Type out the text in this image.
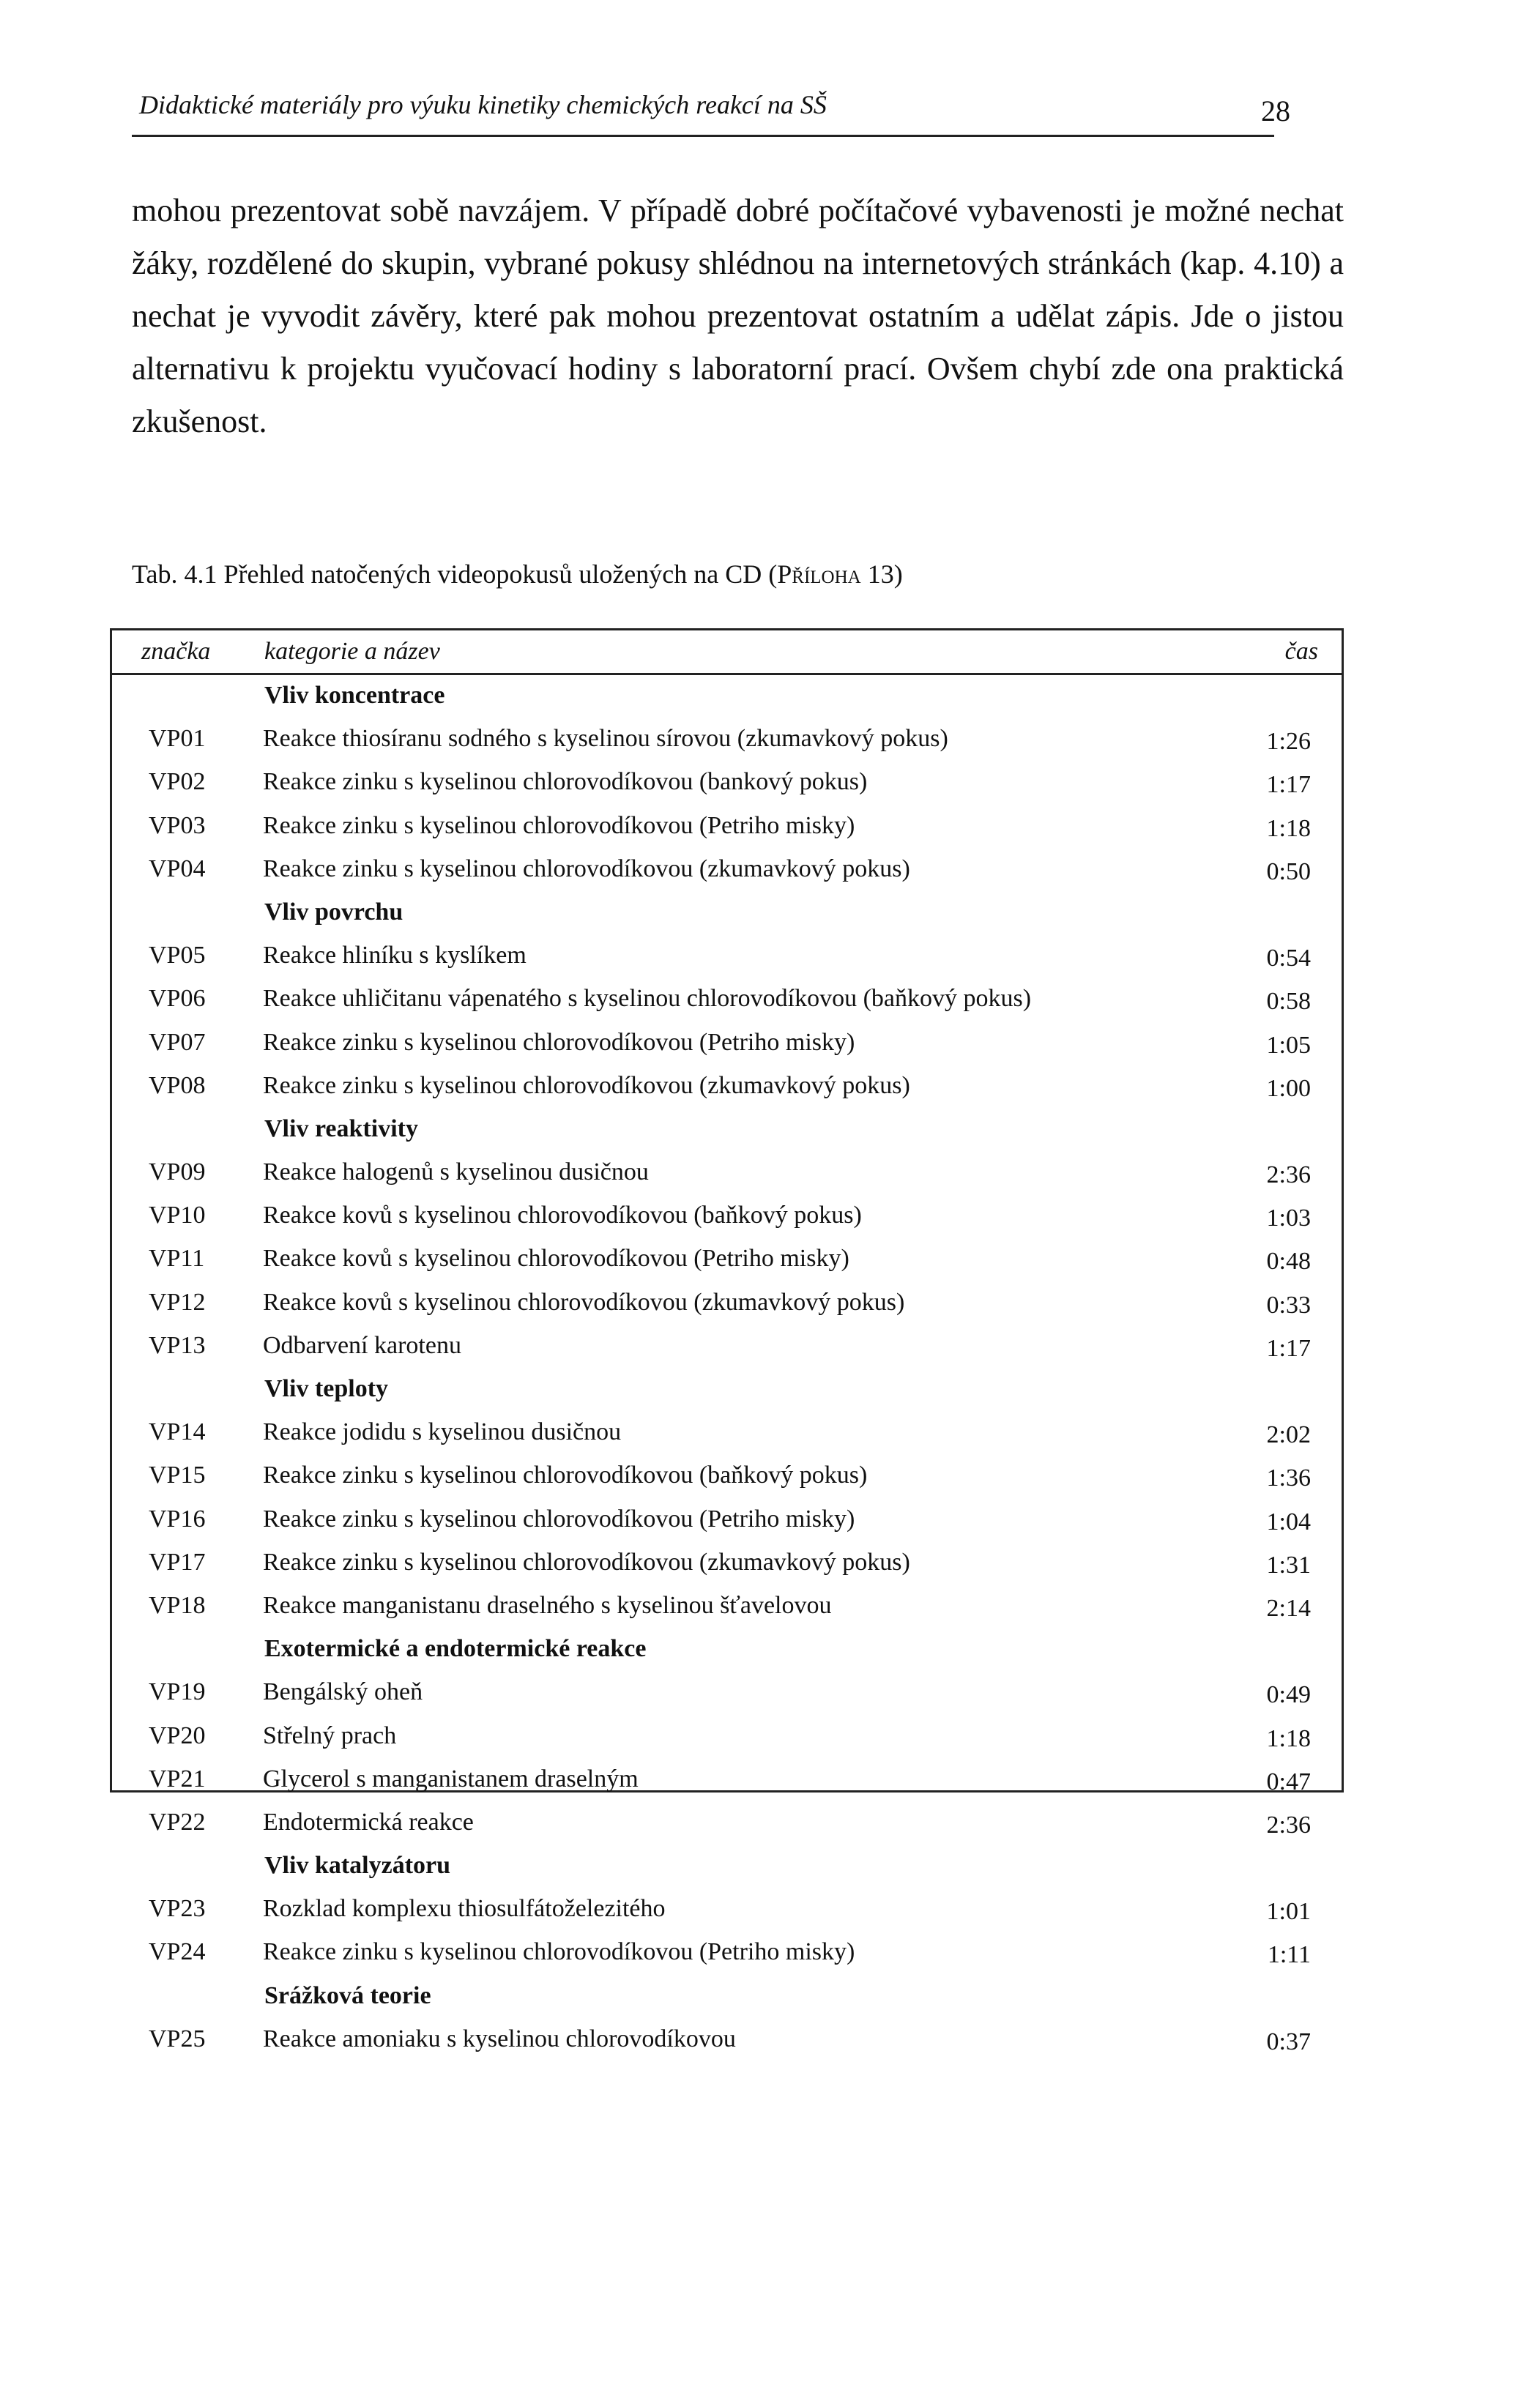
Didaktické materiály pro výuku kinetiky chemických reakcí na SŠ	28
mohou prezentovat sobě navzájem. V případě dobré počítačové vybavenosti je možné nechat žáky, rozdělené do skupin, vybrané pokusy shlédnou na internetových stránkách (kap. 4.10) a nechat je vyvodit závěry, které pak mohou prezentovat ostatním a udělat zápis. Jde o jistou alternativu k projektu vyučovací hodiny s laboratorní prací. Ovšem chybí zde ona praktická zkušenost.
Tab. 4.1 Přehled natočených videopokusů uložených na CD (Příloha 13)
značka kategorie a název	čas
Vliv koncentrace
VP01 Reakce thiosíranu sodného s kyselinou sírovou (zkumavkový pokus)	1:26
VP02 Reakce zinku s kyselinou chlorovodíkovou (bankový pokus)	1:17
VP03 Reakce zinku s kyselinou chlorovodíkovou (Petriho misky)	1:18
VP04 Reakce zinku s kyselinou chlorovodíkovou (zkumavkový pokus)	0:50
Vliv povrchu
VP05 Reakce hliníku s kyslíkem	0:54
VP06 Reakce uhličitanu vápenatého s kyselinou chlorovodíkovou (baňkový pokus)	0:58
VP07 Reakce zinku s kyselinou chlorovodíkovou (Petriho misky)	1:05
VP08 Reakce zinku s kyselinou chlorovodíkovou (zkumavkový pokus)	1:00
Vliv reaktivity
VP09 Reakce halogenů s kyselinou dusičnou	2:36
VP10 Reakce kovů s kyselinou chlorovodíkovou (baňkový pokus)	1:03
VP11 Reakce kovů s kyselinou chlorovodíkovou (Petriho misky)	0:48
VP12 Reakce kovů s kyselinou chlorovodíkovou (zkumavkový pokus)	0:33
VP13 Odbarvení karotenu	1:17
Vliv teploty
VP14 Reakce jodidu s kyselinou dusičnou	2:02
VP15 Reakce zinku s kyselinou chlorovodíkovou (baňkový pokus)	1:36
VP16 Reakce zinku s kyselinou chlorovodíkovou (Petriho misky)	1:04
VP17 Reakce zinku s kyselinou chlorovodíkovou (zkumavkový pokus)	1:31
VP18 Reakce manganistanu draselného s kyselinou šťavelovou	2:14
Exotermické a endotermické reakce
VP19 Bengálský oheň	0:49
VP20 Střelný prach	1:18
VP21 Glycerol s manganistanem draselným	0:47
VP22 Endotermická reakce	2:36
Vliv katalyzátoru
VP23 Rozklad komplexu thiosulfátoželezitého	1:01
VP24 Reakce zinku s kyselinou chlorovodíkovou (Petriho misky)	1:11
Srážková teorie
VP25 Reakce amoniaku s kyselinou chlorovodíkovou	0:37
